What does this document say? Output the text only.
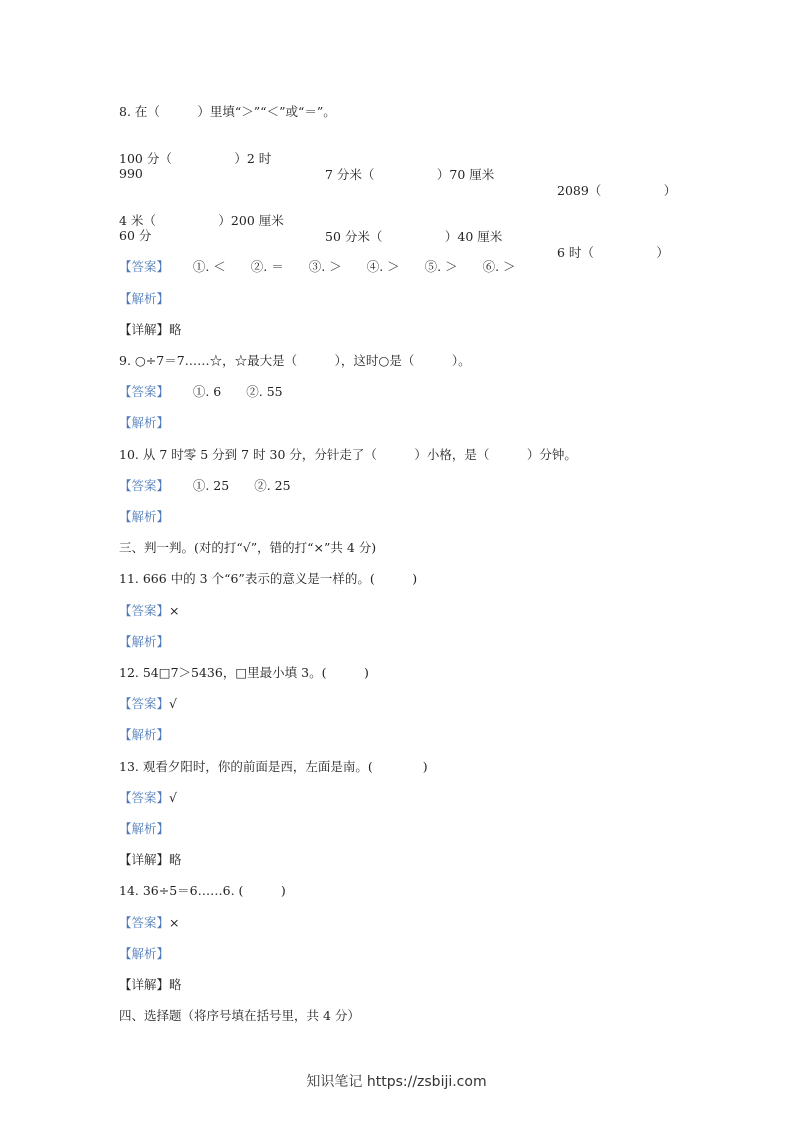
8. 在（　　　）里填“＞”“＜”或“＝”。

100 分（　　　　　）2 时

7 分米（　　　　　）70 厘米

2089（　　　　　）

990

4 米（　　　　　）200 厘米

50 分米（　　　　　）40 厘米

6 时（　　　　　）

60 分
【答案】 ①. ＜　　②. ＝　　③. ＞　　④. ＞　　⑤. ＞　　⑥. ＞
【解析】
【详解】略
9. ○÷7＝7……☆，☆最大是（　　　），这时○是（　　　）。
【答案】 ①. 6　　②. 55
【解析】
10. 从 7 时零 5 分到 7 时 30 分，分针走了（　　　）小格，是（　　　）分钟。
【答案】 ①. 25　　②. 25
【解析】
三、判一判。(对的打“√”，错的打“×”共 4 分)
11. 666 中的 3 个“6”表示的意义是一样的。(　　　)
【答案】×
【解析】
12. 54□7＞5436，□里最小填 3。(　　　)
【答案】√
【解析】
13. 观看夕阳时，你的前面是西，左面是南。(　　　　)
【答案】√
【解析】
【详解】略
14. 36÷5＝6……6. (　　　)
【答案】×
【解析】
【详解】略
四、选择题（将序号填在括号里，共 4 分）
知识笔记 https://zsbiji.com
